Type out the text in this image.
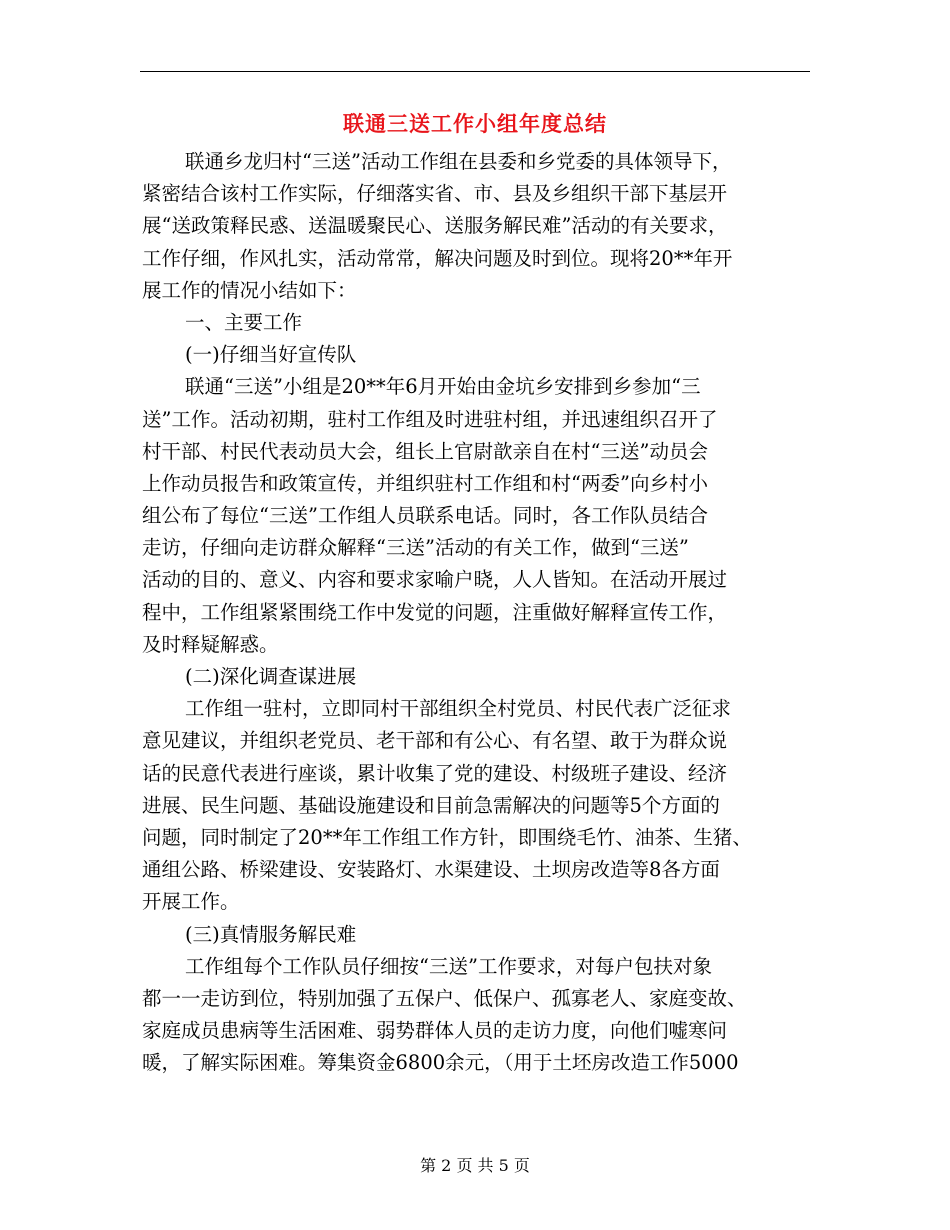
联通三送工作小组年度总结
联通乡龙归村“三送”活动工作组在县委和乡党委的具体领导下，
紧密结合该村工作实际，仔细落实省、市、县及乡组织干部下基层开
展“送政策释民惑、送温暖聚民心、送服务解民难”活动的有关要求，
工作仔细，作风扎实，活动常常，解决问题及时到位。现将20**年开
展工作的情况小结如下：
一、主要工作
(一)仔细当好宣传队
联通“三送”小组是20**年6月开始由金坑乡安排到乡参加“三
送”工作。活动初期，驻村工作组及时进驻村组，并迅速组织召开了
村干部、村民代表动员大会，组长上官尉歆亲自在村“三送”动员会
上作动员报告和政策宣传，并组织驻村工作组和村“两委”向乡村小
组公布了每位“三送”工作组人员联系电话。同时，各工作队员结合
走访，仔细向走访群众解释“三送”活动的有关工作，做到“三送”
活动的目的、意义、内容和要求家喻户晓，人人皆知。在活动开展过
程中，工作组紧紧围绕工作中发觉的问题，注重做好解释宣传工作，
及时释疑解惑。
(二)深化调查谋进展
工作组一驻村，立即同村干部组织全村党员、村民代表广泛征求
意见建议，并组织老党员、老干部和有公心、有名望、敢于为群众说
话的民意代表进行座谈，累计收集了党的建设、村级班子建设、经济
进展、民生问题、基础设施建设和目前急需解决的问题等5个方面的
问题，同时制定了20**年工作组工作方针，即围绕毛竹、油茶、生猪、
通组公路、桥梁建设、安装路灯、水渠建设、土坝房改造等8各方面
开展工作。
(三)真情服务解民难
工作组每个工作队员仔细按“三送”工作要求，对每户包扶对象
都一一走访到位，特别加强了五保户、低保户、孤寡老人、家庭变故、
家庭成员患病等生活困难、弱势群体人员的走访力度，向他们嘘寒问
暖，了解实际困难。筹集资金6800余元，（用于土坯房改造工作5000
第 2 页 共 5 页
